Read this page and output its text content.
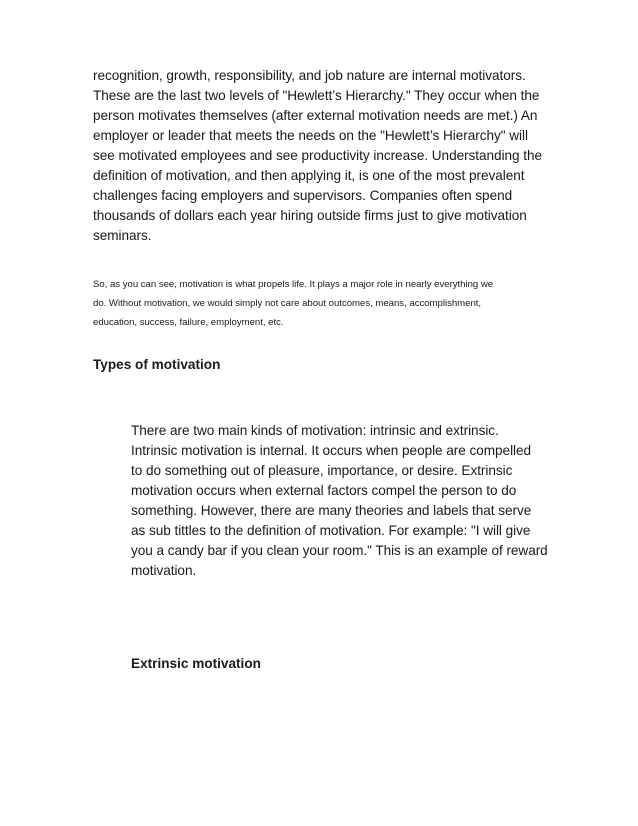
recognition, growth, responsibility, and job nature are internal motivators.
These are the last two levels of "Hewlett’s Hierarchy." They occur when the
person motivates themselves (after external motivation needs are met.) An
employer or leader that meets the needs on the "Hewlett’s Hierarchy" will
see motivated employees and see productivity increase. Understanding the
definition of motivation, and then applying it, is one of the most prevalent
challenges facing employers and supervisors. Companies often spend
thousands of dollars each year hiring outside firms just to give motivation
seminars.
So, as you can see, motivation is what propels life. It plays a major role in nearly everything we
do. Without motivation, we would simply not care about outcomes, means, accomplishment,
education, success, failure, employment, etc.
Types of motivation
There are two main kinds of motivation: intrinsic and extrinsic.
Intrinsic motivation is internal. It occurs when people are compelled
to do something out of pleasure, importance, or desire. Extrinsic
motivation occurs when external factors compel the person to do
something. However, there are many theories and labels that serve
as sub tittles to the definition of motivation. For example: "I will give
you a candy bar if you clean your room." This is an example of reward
motivation.
Extrinsic motivation
